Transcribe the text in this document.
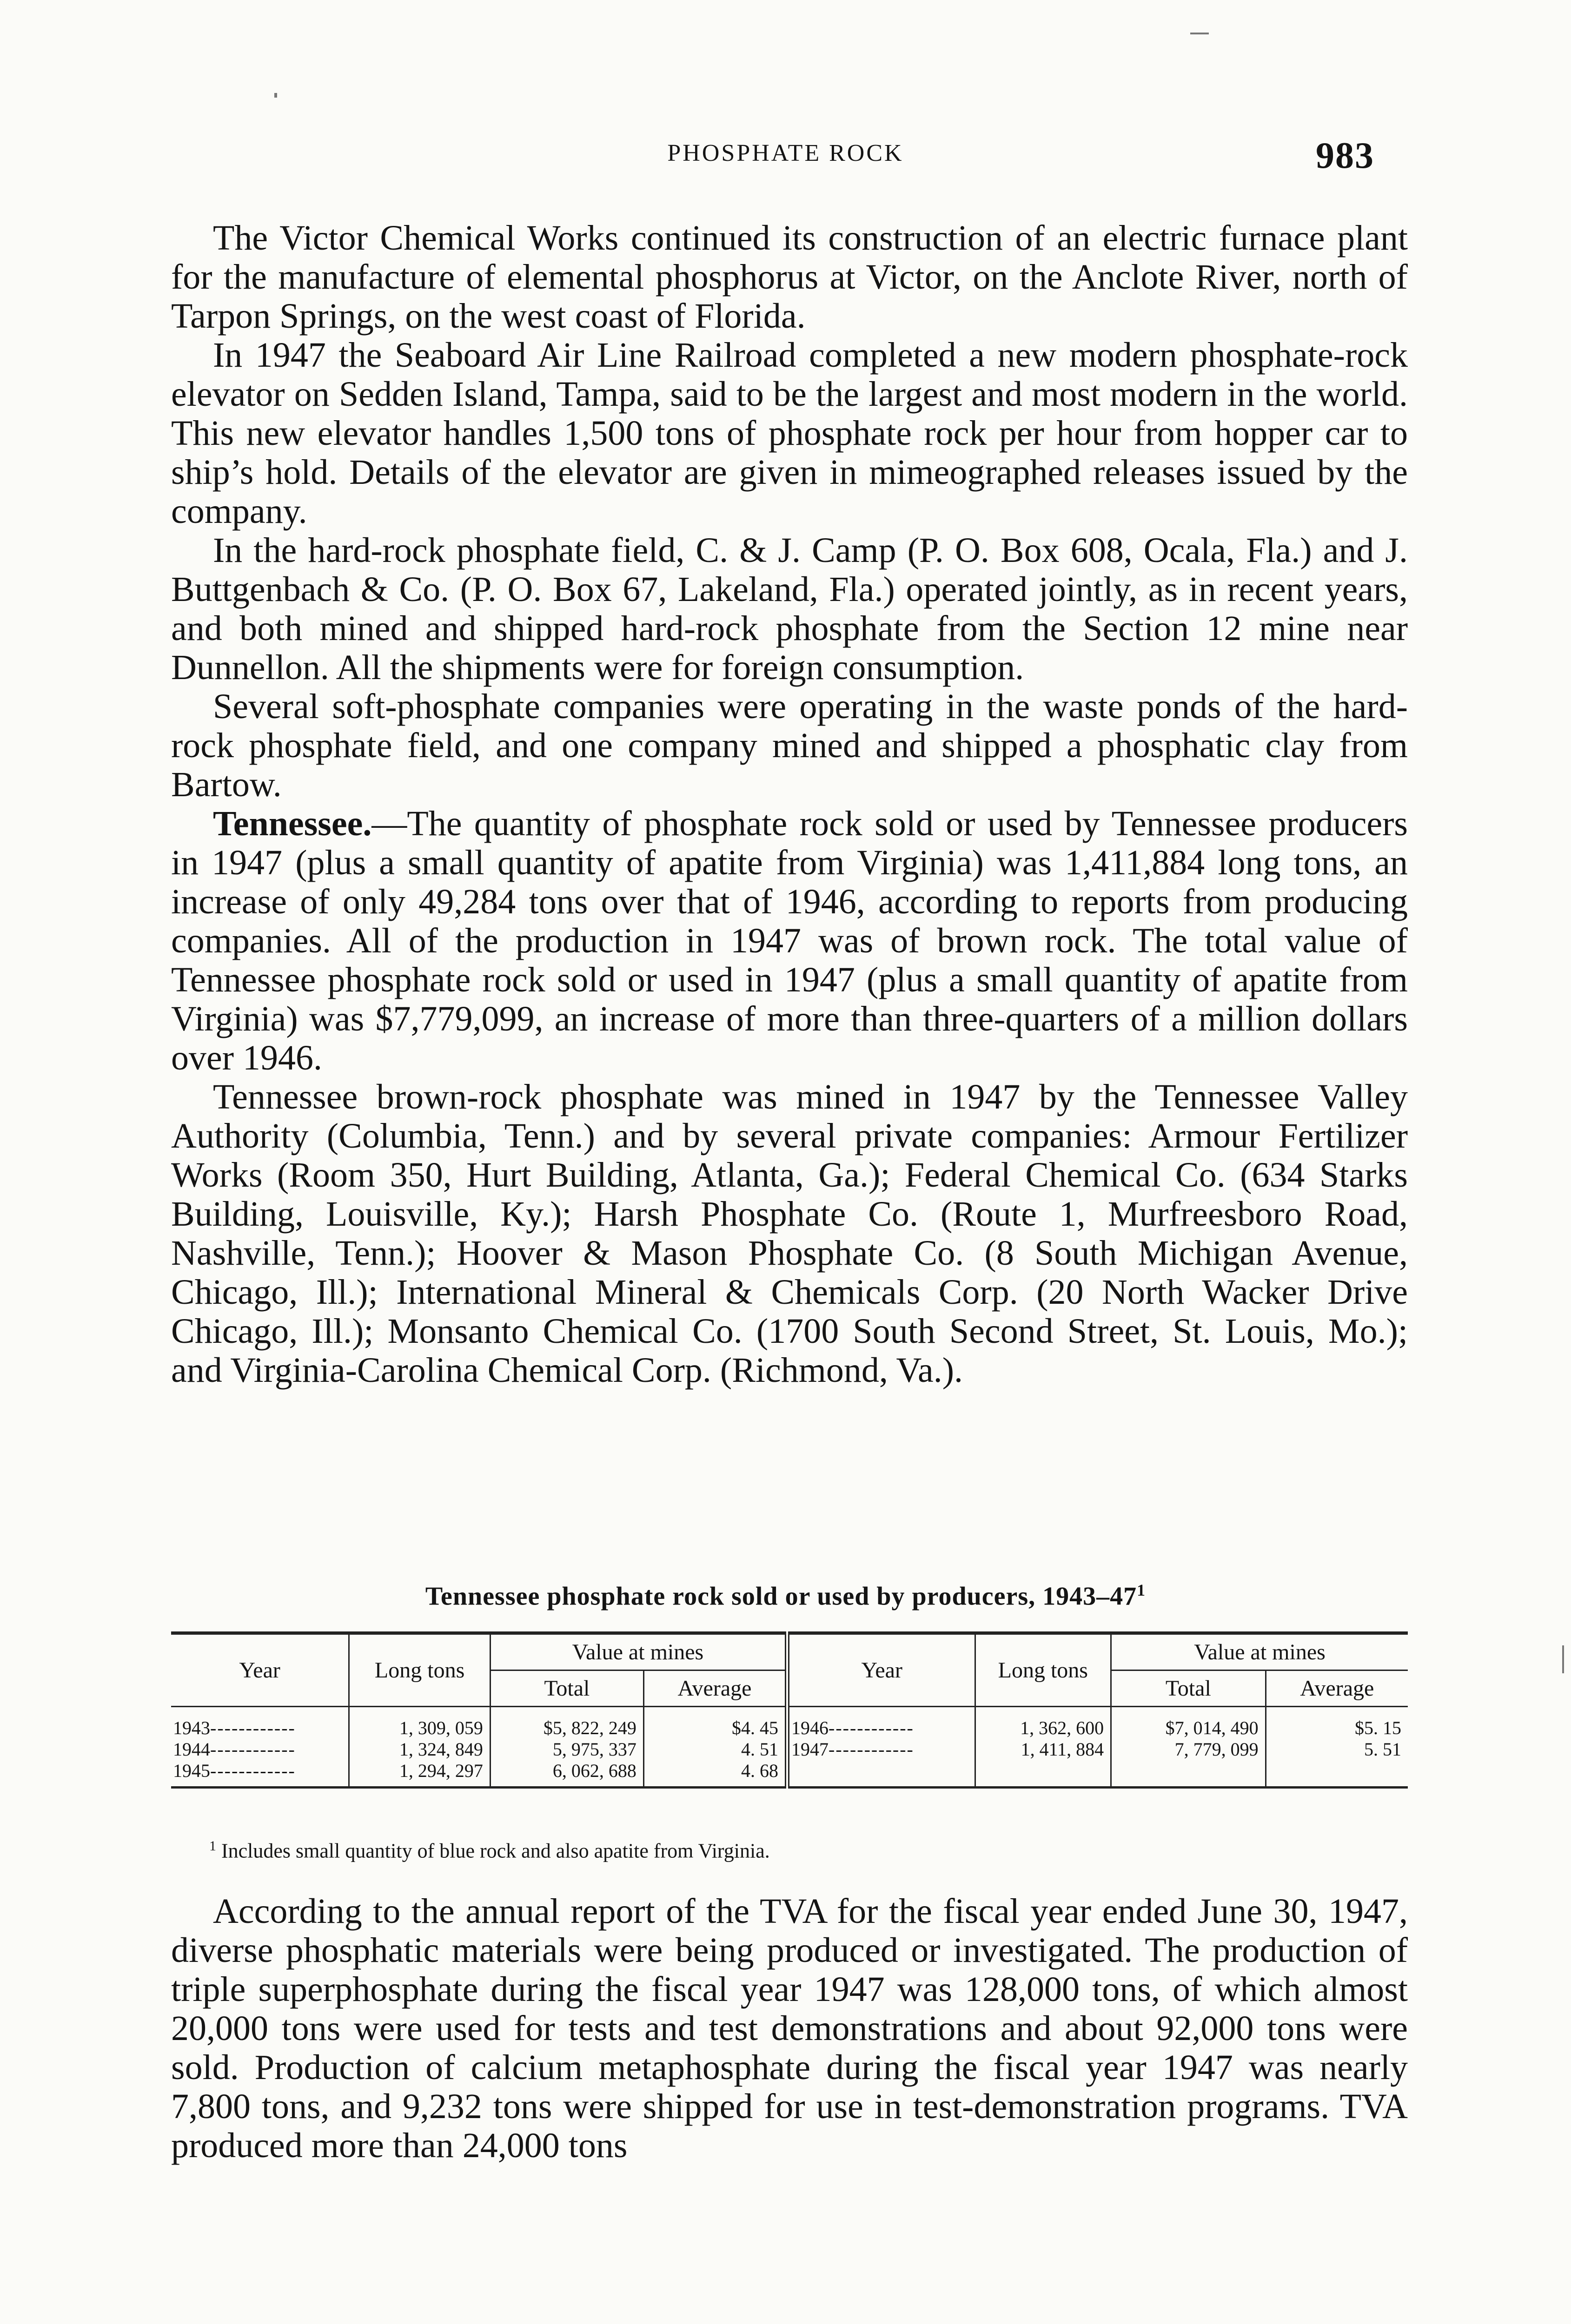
PHOSPHATE ROCK	983

The Victor Chemical Works continued its construction of an electric furnace plant for the manufacture of elemental phosphorus at Victor, on the Anclote River, north of Tarpon Springs, on the west coast of Florida.

In 1947 the Seaboard Air Line Railroad completed a new modern phosphate-rock elevator on Sedden Island, Tampa, said to be the largest and most modern in the world. This new elevator handles 1,500 tons of phosphate rock per hour from hopper car to ship’s hold. Details of the elevator are given in mimeographed releases issued by the company.

In the hard-rock phosphate field, C. & J. Camp (P. O. Box 608, Ocala, Fla.) and J. Buttgenbach & Co. (P. O. Box 67, Lakeland, Fla.) operated jointly, as in recent years, and both mined and shipped hard-rock phosphate from the Section 12 mine near Dunnellon. All the shipments were for foreign consumption.

Several soft-phosphate companies were operating in the waste ponds of the hard-rock phosphate field, and one company mined and shipped a phosphatic clay from Bartow.

Tennessee.—The quantity of phosphate rock sold or used by Tennessee producers in 1947 (plus a small quantity of apatite from Virginia) was 1,411,884 long tons, an increase of only 49,284 tons over that of 1946, according to reports from producing companies. All of the production in 1947 was of brown rock. The total value of Tennessee phosphate rock sold or used in 1947 (plus a small quantity of apatite from Virginia) was $7,779,099, an increase of more than three-quarters of a million dollars over 1946.

Tennessee brown-rock phosphate was mined in 1947 by the Tennessee Valley Authority (Columbia, Tenn.) and by several private companies: Armour Fertilizer Works (Room 350, Hurt Building, Atlanta, Ga.); Federal Chemical Co. (634 Starks Building, Louisville, Ky.); Harsh Phosphate Co. (Route 1, Murfreesboro Road, Nashville, Tenn.); Hoover & Mason Phosphate Co. (8 South Michigan Avenue, Chicago, Ill.); International Mineral & Chemicals Corp. (20 North Wacker Drive Chicago, Ill.); Monsanto Chemical Co. (1700 South Second Street, St. Louis, Mo.); and Virginia-Carolina Chemical Corp. (Richmond, Va.).

Tennessee phosphate rock sold or used by producers, $1943-47^1$
Year	Long tons	Value at mines	
		Total	Average
1943------------	1, 309, 059	$5, 822, 249	$4. 45
1944------------	1, 324, 849	5, 975, 337	4. 51
1945------------	1, 294, 297	6, 062, 688	4. 68
Year	Long tons	Value at mines	
		Total	Average
1946------------	1, 362, 600	$7, 014, 490	$5. 15
1947------------	1, 411, 884	7, 779, 099	5. 51

$^1$ Includes small quantity of blue rock and also apatite from Virginia.

According to the annual report of the TVA for the fiscal year ended June 30, 1947, diverse phosphatic materials were being produced or investigated. The production of triple superphosphate during the fiscal year 1947 was 128,000 tons, of which almost 20,000 tons were used for tests and test demonstrations and about 92,000 tons were sold. Production of calcium metaphosphate during the fiscal year 1947 was nearly 7,800 tons, and 9,232 tons were shipped for use in test-demonstration programs. TVA produced more than 24,000 tons
